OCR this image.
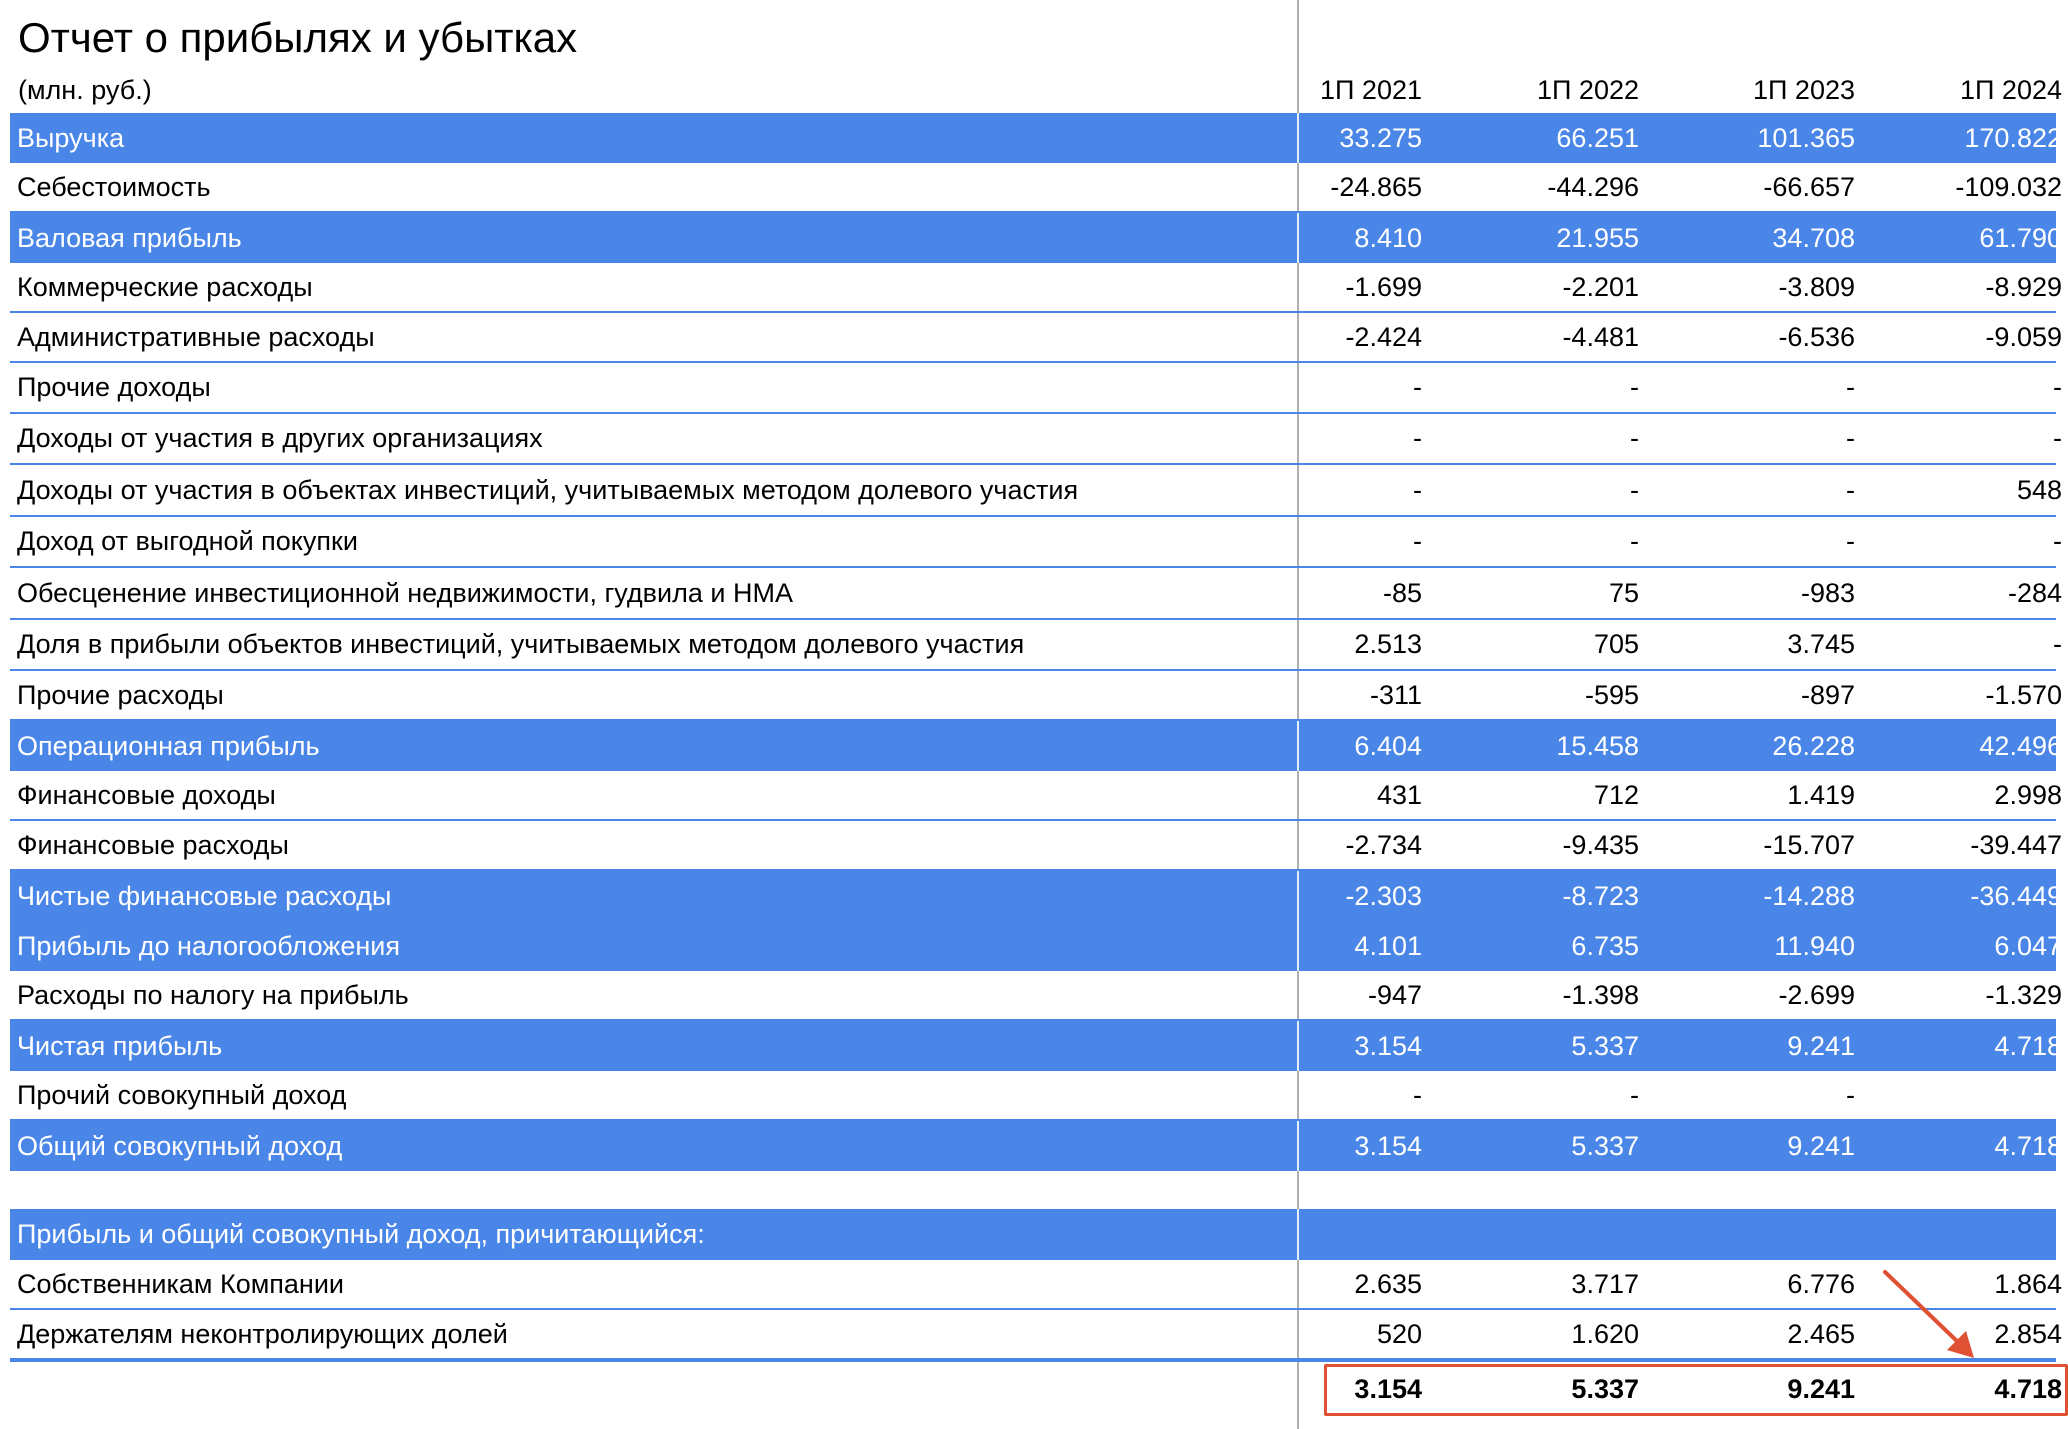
Отчет о прибылях и убытках
(млн. руб.)	1П 2021	1П 2022	1П 2023	1П 2024
Выручка	33.275	66.251	101.365	170.822
Себестоимость	-24.865	-44.296	-66.657	-109.032
Валовая прибыль	8.410	21.955	34.708	61.790
Коммерческие расходы	-1.699	-2.201	-3.809	-8.929
Административные расходы	-2.424	-4.481	-6.536	-9.059
Прочие доходы	-	-	-	-
Доходы от участия в других организациях	-	-	-	-
Доходы от участия в объектах инвестиций, учитываемых методом долевого участия	-	-	-	548
Доход от выгодной покупки	-	-	-	-
Обесценение инвестиционной недвижимости, гудвила и НМА	-85	75	-983	-284
Доля в прибыли объектов инвестиций, учитываемых методом долевого участия	2.513	705	3.745	-
Прочие расходы	-311	-595	-897	-1.570
Операционная прибыль	6.404	15.458	26.228	42.496
Финансовые доходы	431	712	1.419	2.998
Финансовые расходы	-2.734	-9.435	-15.707	-39.447
Чистые финансовые расходы	-2.303	-8.723	-14.288	-36.449
Прибыль до налогообложения	4.101	6.735	11.940	6.047
Расходы по налогу на прибыль	-947	-1.398	-2.699	-1.329
Чистая прибыль	3.154	5.337	9.241	4.718
Прочий совокупный доход	-	-	-
Общий совокупный доход	3.154	5.337	9.241	4.718
Прибыль и общий совокупный доход, причитающийся:
Собственникам Компании	2.635	3.717	6.776	1.864
Держателям неконтролирующих долей	520	1.620	2.465	2.854
3.154	5.337	9.241	4.718
